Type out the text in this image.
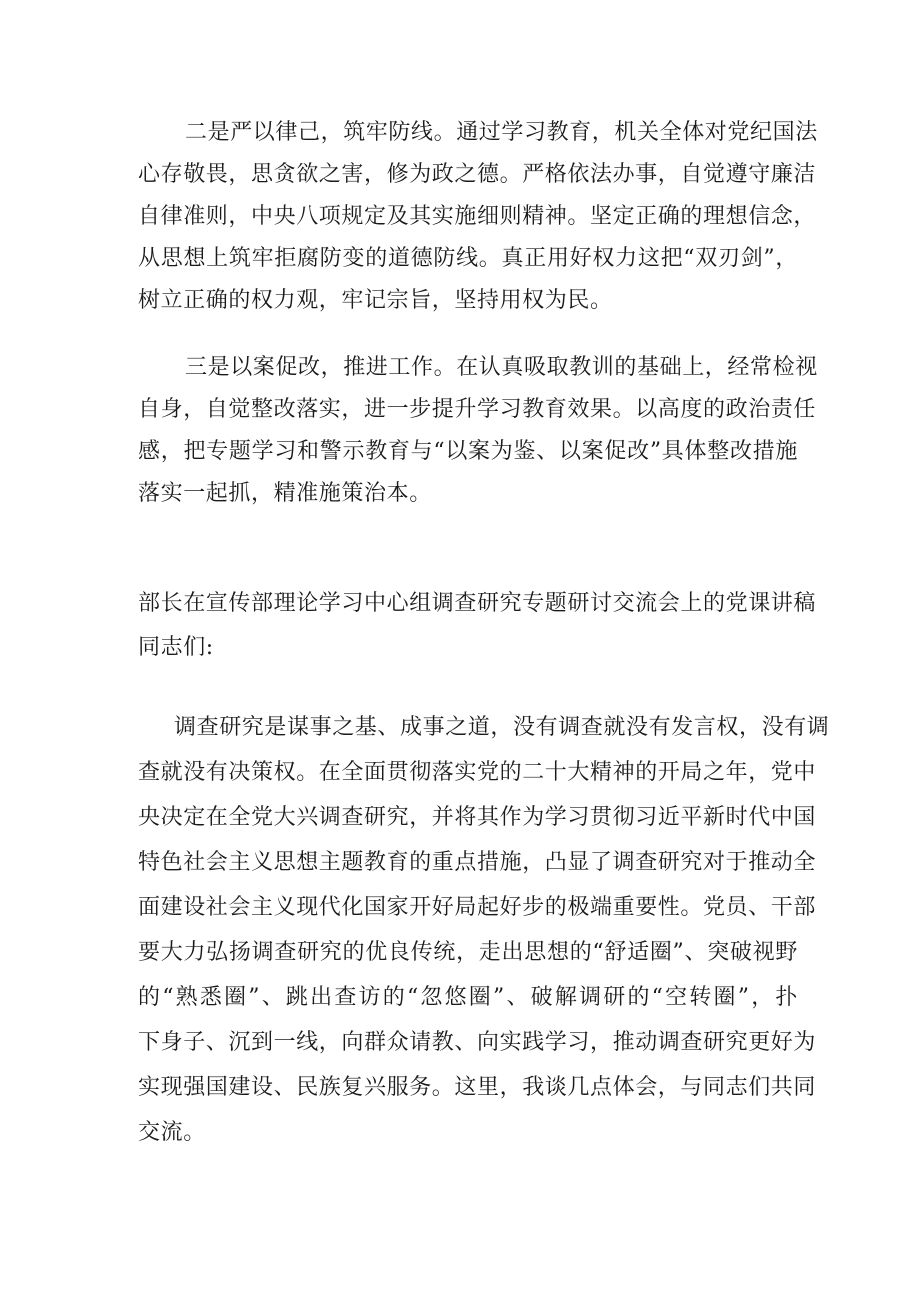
二是严以律己，筑牢防线。通过学习教育，机关全体对党纪国法
心存敬畏，思贪欲之害，修为政之德。严格依法办事，自觉遵守廉洁
自律准则，中央八项规定及其实施细则精神。坚定正确的理想信念，
从思想上筑牢拒腐防变的道德防线。真正用好权力这把“双刃剑”，
树立正确的权力观，牢记宗旨，坚持用权为民。
三是以案促改，推进工作。在认真吸取教训的基础上，经常检视
自身，自觉整改落实，进一步提升学习教育效果。以高度的政治责任
感，把专题学习和警示教育与“以案为鉴、以案促改”具体整改措施
落实一起抓，精准施策治本。
部长在宣传部理论学习中心组调查研究专题研讨交流会上的党课讲稿
同志们:
调查研究是谋事之基、成事之道，没有调查就没有发言权，没有调
查就没有决策权。在全面贯彻落实党的二十大精神的开局之年，党中
央决定在全党大兴调查研究，并将其作为学习贯彻习近平新时代中国
特色社会主义思想主题教育的重点措施，凸显了调查研究对于推动全
面建设社会主义现代化国家开好局起好步的极端重要性。党员、干部
要大力弘扬调查研究的优良传统，走出思想的“舒适圈”、突破视野
的“熟悉圈”、跳出查访的“忽悠圈”、破解调研的“空转圈”，扑
下身子、沉到一线，向群众请教、向实践学习，推动调查研究更好为
实现强国建设、民族复兴服务。这里，我谈几点体会，与同志们共同
交流。
